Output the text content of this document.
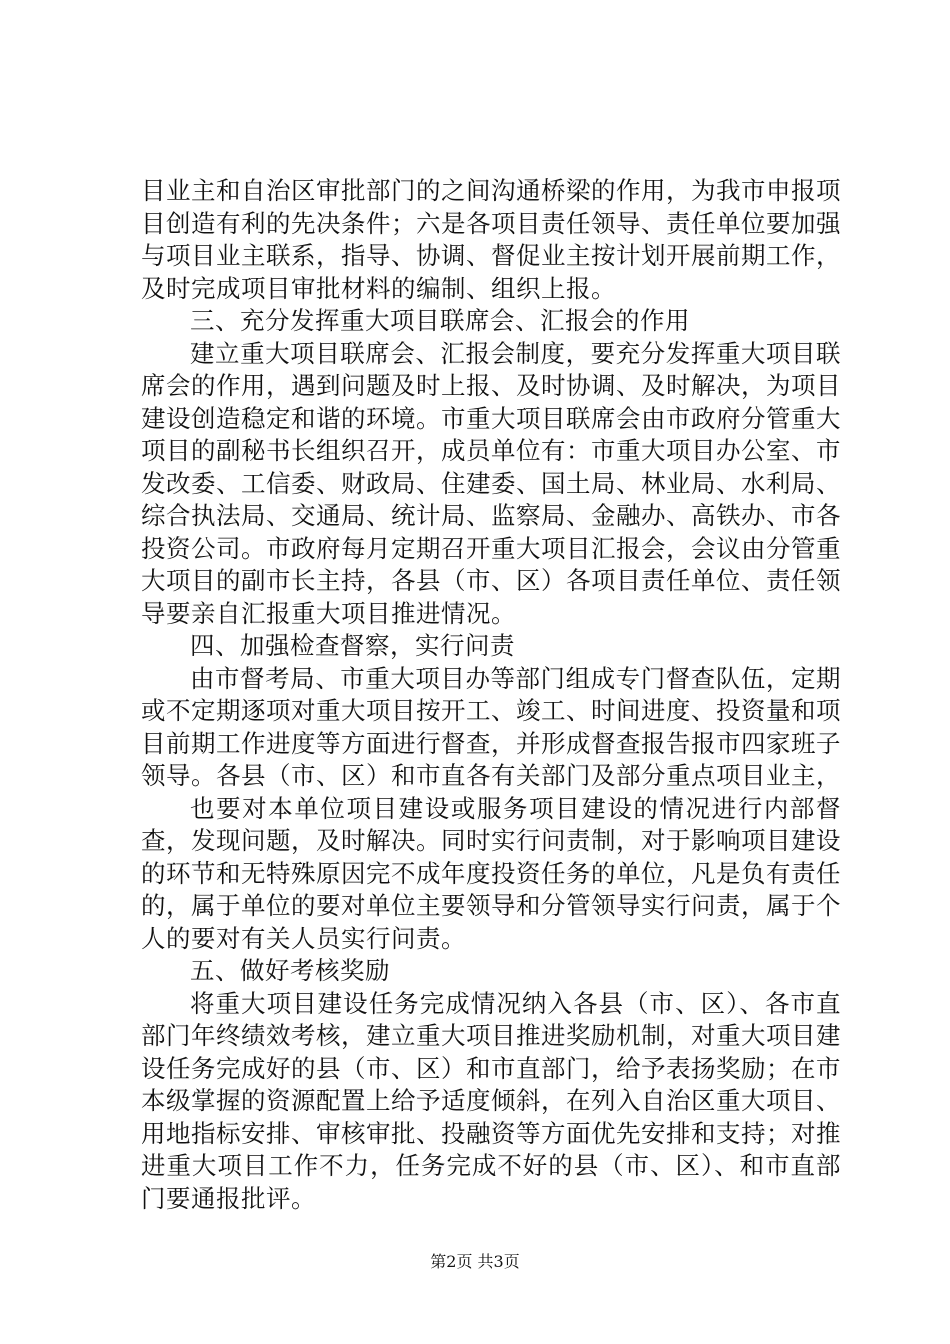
目业主和自治区审批部门的之间沟通桥梁的作用，为我市申报项目创造有利的先决条件；六是各项目责任领导、责任单位要加强与项目业主联系，指导、协调、督促业主按计划开展前期工作，及时完成项目审批材料的编制、组织上报。

三、充分发挥重大项目联席会、汇报会的作用

建立重大项目联席会、汇报会制度，要充分发挥重大项目联席会的作用，遇到问题及时上报、及时协调、及时解决，为项目建设创造稳定和谐的环境。市重大项目联席会由市政府分管重大项目的副秘书长组织召开，成员单位有：市重大项目办公室、市发改委、工信委、财政局、住建委、国土局、林业局、水利局、综合执法局、交通局、统计局、监察局、金融办、高铁办、市各投资公司。市政府每月定期召开重大项目汇报会，会议由分管重大项目的副市长主持，各县（市、区）各项目责任单位、责任领导要亲自汇报重大项目推进情况。

四、加强检查督察，实行问责

由市督考局、市重大项目办等部门组成专门督查队伍，定期或不定期逐项对重大项目按开工、竣工、时间进度、投资量和项目前期工作进度等方面进行督查，并形成督查报告报市四家班子领导。各县（市、区）和市直各有关部门及部分重点项目业主，

也要对本单位项目建设或服务项目建设的情况进行内部督查，发现问题，及时解决。同时实行问责制，对于影响项目建设的环节和无特殊原因完不成年度投资任务的单位，凡是负有责任的，属于单位的要对单位主要领导和分管领导实行问责，属于个人的要对有关人员实行问责。

五、做好考核奖励

将重大项目建设任务完成情况纳入各县（市、区）、各市直部门年终绩效考核，建立重大项目推进奖励机制，对重大项目建设任务完成好的县（市、区）和市直部门，给予表扬奖励；在市本级掌握的资源配置上给予适度倾斜，在列入自治区重大项目、用地指标安排、审核审批、投融资等方面优先安排和支持；对推进重大项目工作不力，任务完成不好的县（市、区）、和市直部门要通报批评。

第2页 共3页
